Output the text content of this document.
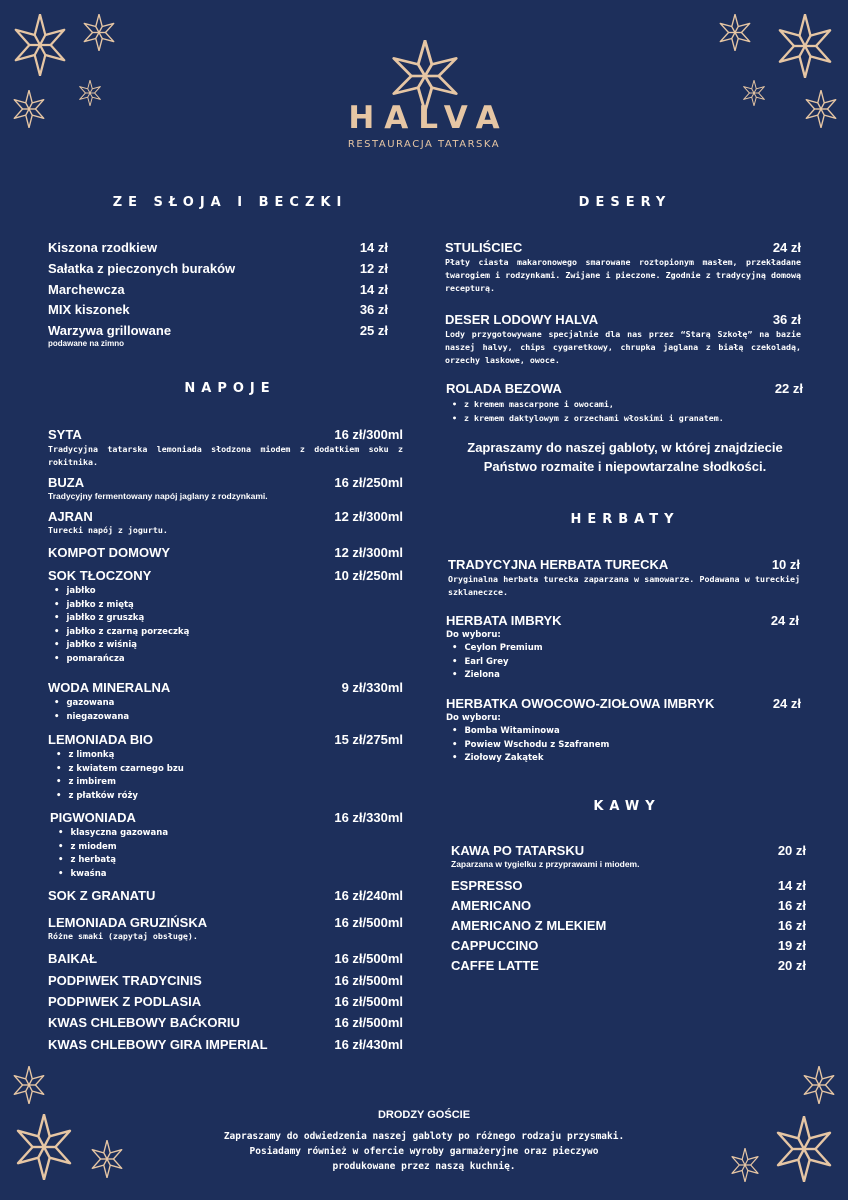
HALVA
RESTAURACJA TATARSKA
ZE SŁOJA I BECZKI
Kiszona rzodkiew	14 zł
Sałatka z pieczonych buraków	12 zł
Marchewcza	14 zł
MIX kiszonek	36 zł
Warzywa grillowane	25 zł
podawane na zimno
NAPOJE
SYTA	16 zł/300ml
Tradycyjna tatarska lemoniada słodzona miodem z dodatkiem soku z rokitnika.
BUZA	16 zł/250ml
Tradycyjny fermentowany napój jaglany z rodzynkami.
AJRAN	12 zł/300ml
Turecki napój z jogurtu.
KOMPOT DOMOWY	12 zł/300ml
SOK TŁOCZONY	10 zł/250ml
• jabłko
• jabłko z miętą
• jabłko z gruszką
• jabłko z czarną porzeczką
• jabłko z wiśnią
• pomarańcza
WODA MINERALNA	9 zł/330ml
• gazowana
• niegazowana
LEMONIADA BIO	15 zł/275ml
• z limonką
• z kwiatem czarnego bzu
• z imbirem
• z płatków róży
PIGWONIADA	16 zł/330ml
• klasyczna gazowana
• z miodem
• z herbatą
• kwaśna
SOK Z GRANATU	16 zł/240ml
LEMONIADA GRUZIŃSKA	16 zł/500ml
Różne smaki (zapytaj obsługę).
BAIKAŁ	16 zł/500ml
PODPIWEK TRADYCINIS	16 zł/500ml
PODPIWEK Z PODLASIA	16 zł/500ml
KWAS CHLEBOWY BAĆKORIU	16 zł/500ml
KWAS CHLEBOWY GIRA IMPERIAL	16 zł/430ml
DESERY
STULIŚCIEC	24 zł
Płaty ciasta makaronowego smarowane roztopionym masłem, przekładane twarogiem i rodzynkami. Zwijane i pieczone. Zgodnie z tradycyjną domową recepturą.
DESER LODOWY HALVA	36 zł
Lody przygotowywane specjalnie dla nas przez “Starą Szkołę” na bazie naszej halvy, chips cygaretkowy, chrupka jaglana z białą czekoladą, orzechy laskowe, owoce.
ROLADA BEZOWA	22 zł
• z kremem mascarpone i owocami,
• z kremem daktylowym z orzechami włoskimi i granatem.
Zapraszamy do naszej gabloty, w której znajdziecie
Państwo rozmaite i niepowtarzalne słodkości.
HERBATY
TRADYCYJNA HERBATA TURECKA	10 zł
Oryginalna herbata turecka zaparzana w samowarze. Podawana w tureckiej szklaneczce.
HERBATA IMBRYK	24 zł
Do wyboru:
• Ceylon Premium
• Earl Grey
• Zielona
HERBATKA OWOCOWO-ZIOŁOWA IMBRYK	24 zł
Do wyboru:
• Bomba Witaminowa
• Powiew Wschodu z Szafranem
• Ziołowy Zakątek
KAWY
KAWA PO TATARSKU	20 zł
Zaparzana w tygielku z przyprawami i miodem.
ESPRESSO	14 zł
AMERICANO	16 zł
AMERICANO Z MLEKIEM	16 zł
CAPPUCCINO	19 zł
CAFFE LATTE	20 zł
DRODZY GOŚCIE
Zapraszamy do odwiedzenia naszej gabloty po różnego rodzaju przysmaki.
Posiadamy również w ofercie wyroby garmażeryjne oraz pieczywo
produkowane przez naszą kuchnię.
